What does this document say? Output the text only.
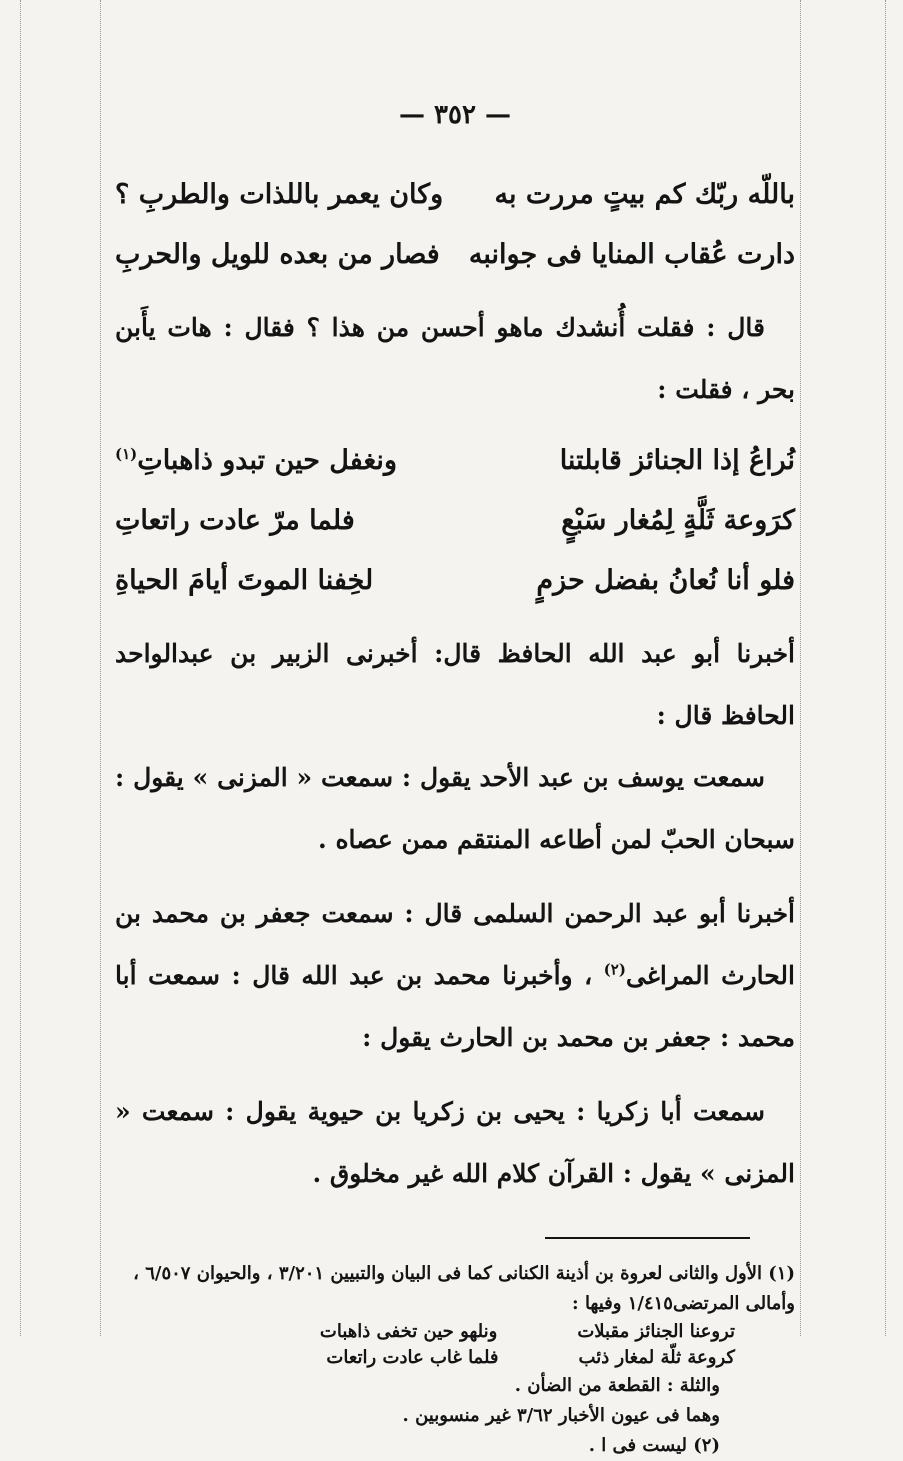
— ٣٥٢ —
باللّه ربّك كم بيتٍ مررت به
وكان يعمر باللذات والطربِ ؟
دارت عُقاب المنايا فى جوانبه
فصار من بعده للويل والحربِ

قال : فقلت أُنشدك ماهو أحسن من هذا ؟ فقال : هات يأَبن بحر ، فقلت :

نُراعُ إذا الجنائز قابلتنا
ونغفل حين تبدو ذاهباتِ$^{(١)}$
كرَوعة ثَلَّةٍ لِمُغار سَبْعٍ
فلما مرّ عادت راتعاتِ
فلو أنا نُعانُ بفضل حزمٍ
لخِفنا الموتَ أيامَ الحياةِ

أخبرنا أبو عبد الله الحافظ قال: أخبرنى الزبير بن عبدالواحد الحافظ قال :

سمعت يوسف بن عبد الأحد يقول : سمعت « المزنى » يقول : سبحان الحبّ لمن أطاعه المنتقم ممن عصاه .

أخبرنا أبو عبد الرحمن السلمى قال : سمعت جعفر بن محمد بن الحارث المراغى$^{(٢)}$ ، وأخبرنا محمد بن عبد الله قال : سمعت أبا محمد : جعفر بن محمد بن الحارث يقول :

سمعت أبا زكريا : يحيى بن زكريا بن حيوية يقول : سمعت « المزنى » يقول : القرآن كلام الله غير مخلوق .

(١) الأول والثانى لعروة بن أذينة الكنانى كما فى البيان والتبيين ٣/٢٠١ ، والحيوان ٦/٥٠٧ ، وأمالى المرتضى١/٤١٥ وفيها :

تروعنا الجنائز مقبلات
ونلهو حين تخفى ذاهبات
كروعة ثلّة لمغار ذئب
فلما غاب عادت راتعات

والثلة : القطعة من الضأن .

وهما فى عيون الأخبار ٣/٦٢ غير منسوبين .

(٢) ليست فى ا .
